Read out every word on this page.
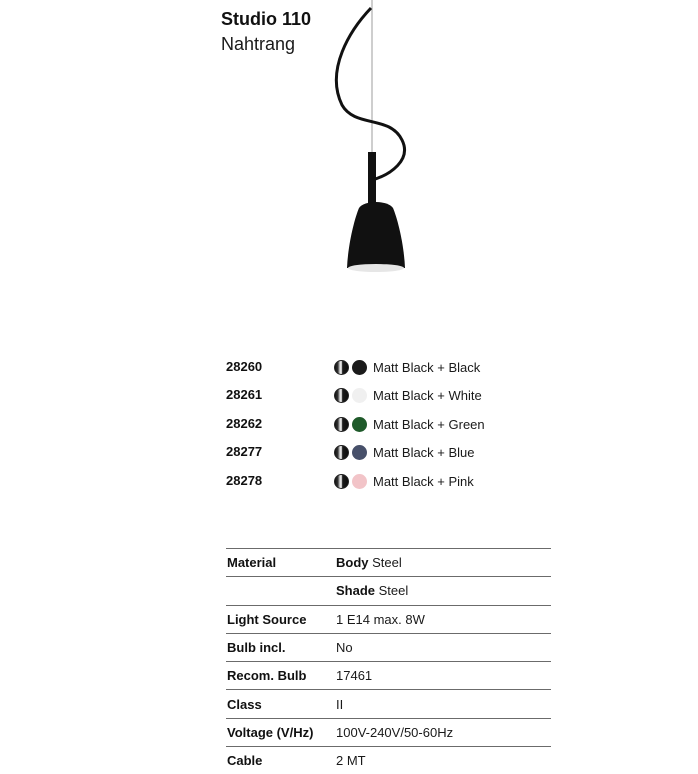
Studio 110
Nahtrang
28260	Matt Black + Black
28261	Matt Black + White
28262	Matt Black + Green
28277	Matt Black + Blue
28278	Matt Black + Pink
Material	Body Steel
	Shade Steel
Light Source	1 E14 max. 8W
Bulb incl.	No
Recom. Bulb	17461
Class	II
Voltage (V/Hz)	100V-240V/50-60Hz
Cable	2 MT
